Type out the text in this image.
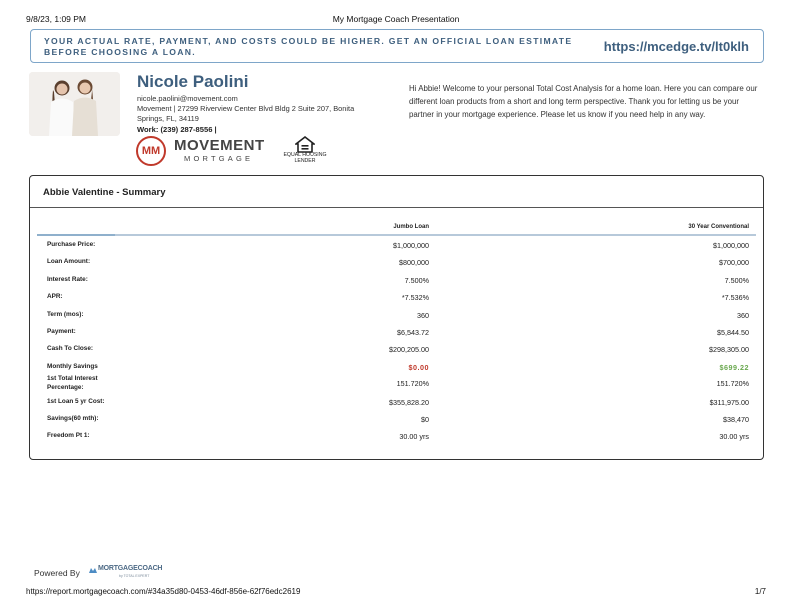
9/8/23, 1:09 PM	My Mortgage Coach Presentation
YOUR ACTUAL RATE, PAYMENT, AND COSTS COULD BE HIGHER. GET AN OFFICIAL LOAN ESTIMATE BEFORE CHOOSING A LOAN.	https://mcedge.tv/lt0klh
Nicole Paolini
nicole.paolini@movement.com
Movement | 27299 Riverview Center Blvd Bldg 2 Suite 207, Bonita Springs, FL, 34119
Work: (239) 287-8556 |
MM MOVEMENT
MORTGAGE	EQUAL HOUSING
LENDER
Hi Abbie! Welcome to your personal Total Cost Analysis for a home loan. Here you can compare our different loan products from a short and long term perspective. Thank you for letting us be your partner in your mortgage experience. Please let us know if you need help in any way.
Abbie Valentine - Summary
Jumbo Loan	30 Year Conventional
Purchase Price:	$1,000,000	$1,000,000
Loan Amount:	$800,000	$700,000
Interest Rate:	7.500%	7.500%
APR:	*7.532%	*7.536%
Term (mos):	360	360
Payment:	$6,543.72	$5,844.50
Cash To Close:	$200,205.00	$298,305.00
Monthly Savings	$0.00	$699.22
1st Total Interest Percentage:	151.720%	151.720%
1st Loan 5 yr Cost:	$355,828.20	$311,975.00
Savings(60 mth):	$0	$38,470
Freedom Pt 1:	30.00 yrs	30.00 yrs
Powered By	MORTGAGECOACH
by TOTAL EXPERT
https://report.mortgagecoach.com/#34a35d80-0453-46df-856e-62f76edc2619	1/7
